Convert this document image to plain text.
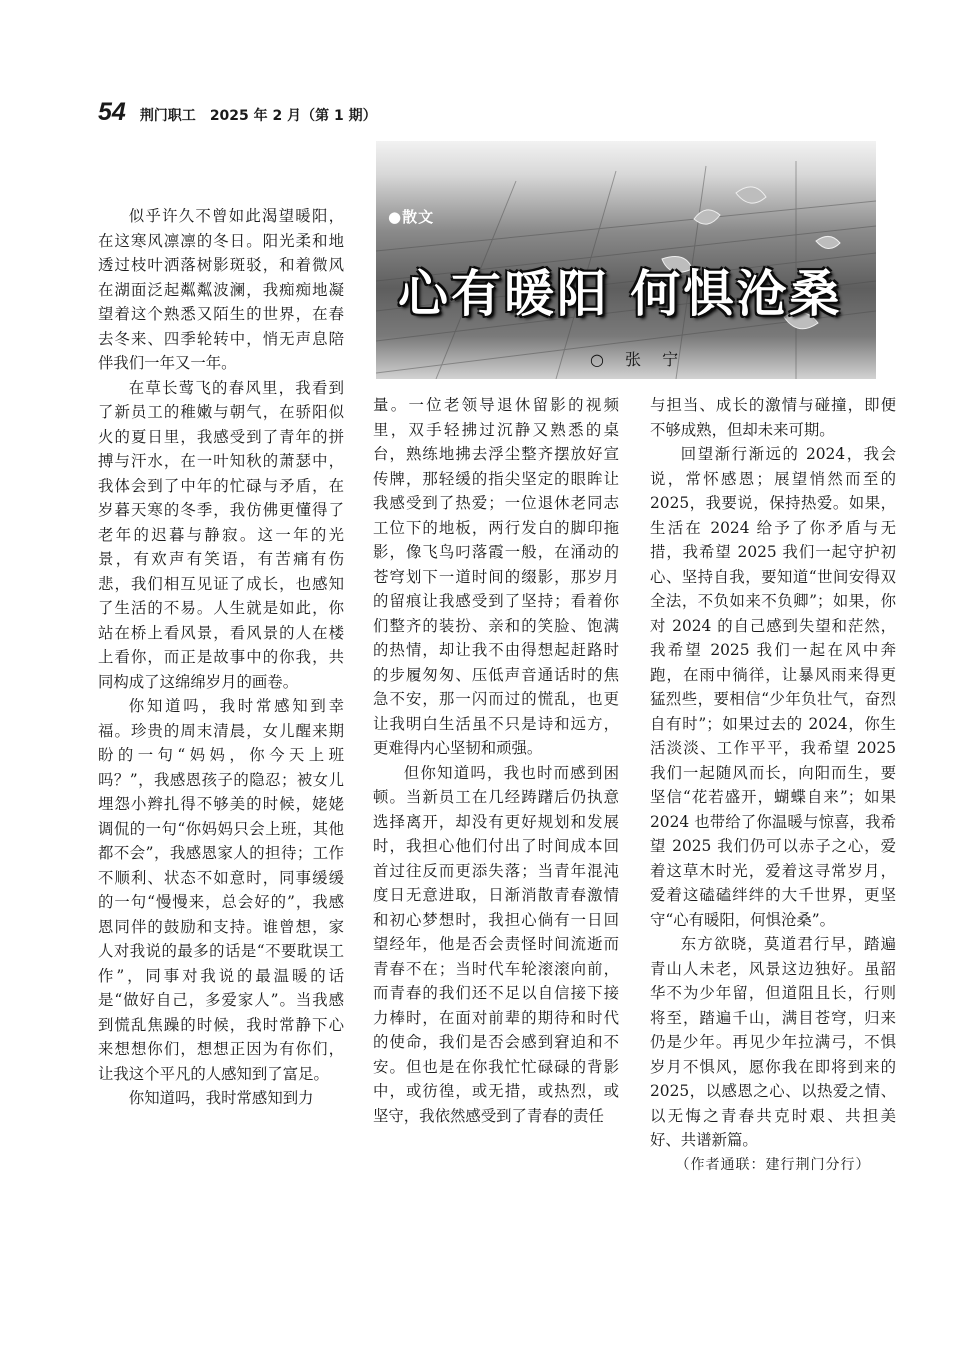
54 荆门职工 2025 年 2 月（第 1 期）
●散文
心有暖阳 何惧沧桑
○ 张 宁

似乎许久不曾如此渴望暖阳，在这寒风凛凛的冬日。阳光柔和地透过枝叶洒落树影斑驳，和着微风在湖面泛起粼粼波澜，我痴痴地凝望着这个熟悉又陌生的世界，在春去冬来、四季轮转中，悄无声息陪伴我们一年又一年。

在草长莺飞的春风里，我看到了新员工的稚嫩与朝气，在骄阳似火的夏日里，我感受到了青年的拼搏与汗水，在一叶知秋的萧瑟中，我体会到了中年的忙碌与矛盾，在岁暮天寒的冬季，我仿佛更懂得了老年的迟暮与静寂。这一年的光景，有欢声有笑语，有苦痛有伤悲，我们相互见证了成长，也感知了生活的不易。人生就是如此，你站在桥上看风景，看风景的人在楼上看你，而正是故事中的你我，共同构成了这绵绵岁月的画卷。

你知道吗，我时常感知到幸福。珍贵的周末清晨，女儿醒来期盼的一句“妈妈，你今天上班吗？”，我感恩孩子的隐忍；被女儿埋怨小辫扎得不够美的时候，姥姥调侃的一句“你妈妈只会上班，其他都不会”，我感恩家人的担待；工作不顺利、状态不如意时，同事缓缓的一句“慢慢来，总会好的”，我感恩同伴的鼓励和支持。谁曾想，家人对我说的最多的话是“不要耽误工作”，同事对我说的最温暖的话是“做好自己，多爱家人”。当我感到慌乱焦躁的时候，我时常静下心来想想你们，想想正因为有你们，让我这个平凡的人感知到了富足。

你知道吗，我时常感知到力

量。一位老领导退休留影的视频里，双手轻拂过沉静又熟悉的桌台，熟练地拂去浮尘整齐摆放好宣传牌，那轻缓的指尖坚定的眼眸让我感受到了热爱；一位退休老同志工位下的地板，两行发白的脚印拖影，像飞鸟叼落霞一般，在涌动的苍穹划下一道时间的缀影，那岁月的留痕让我感受到了坚持；看着你们整齐的装扮、亲和的笑脸、饱满的热情，却让我不由得想起赶路时的步履匆匆、压低声音通话时的焦急不安，那一闪而过的慌乱，也更让我明白生活虽不只是诗和远方，更难得内心坚韧和顽强。

但你知道吗，我也时而感到困顿。当新员工在几经踌躇后仍执意选择离开，却没有更好规划和发展时，我担心他们付出了时间成本回首过往反而更添失落；当青年混沌度日无意进取，日渐消散青春激情和初心梦想时，我担心倘有一日回望经年，他是否会责怪时间流逝而青春不在；当时代车轮滚滚向前，而青春的我们还不足以自信接下接力棒时，在面对前辈的期待和时代的使命，我们是否会感到窘迫和不安。但也是在你我忙忙碌碌的背影中，或彷徨，或无措，或热烈，或坚守，我依然感受到了青春的责任

与担当、成长的激情与碰撞，即便不够成熟，但却未来可期。

回望渐行渐远的 2024，我会说，常怀感恩；展望悄然而至的 2025，我要说，保持热爱。如果，生活在 2024 给予了你矛盾与无措，我希望 2025 我们一起守护初心、坚持自我，要知道“世间安得双全法，不负如来不负卿”；如果，你对 2024 的自己感到失望和茫然，我希望 2025 我们一起在风中奔跑，在雨中徜徉，让暴风雨来得更猛烈些，要相信“少年负壮气，奋烈自有时”；如果过去的 2024，你生活淡淡、工作平平，我希望 2025 我们一起随风而长，向阳而生，要坚信“花若盛开，蝴蝶自来”；如果 2024 也带给了你温暖与惊喜，我希望 2025 我们仍可以赤子之心，爱着这草木时光，爱着这寻常岁月，爱着这磕磕绊绊的大千世界，更坚守“心有暖阳，何惧沧桑”。

东方欲晓，莫道君行早，踏遍青山人未老，风景这边独好。虽韶华不为少年留，但道阻且长，行则将至，踏遍千山，满目苍穹，归来仍是少年。再见少年拉满弓，不惧岁月不惧风，愿你我在即将到来的 2025，以感恩之心、以热爱之情、以无悔之青春共克时艰、共担美好、共谱新篇。

（作者通联：建行荆门分行）
